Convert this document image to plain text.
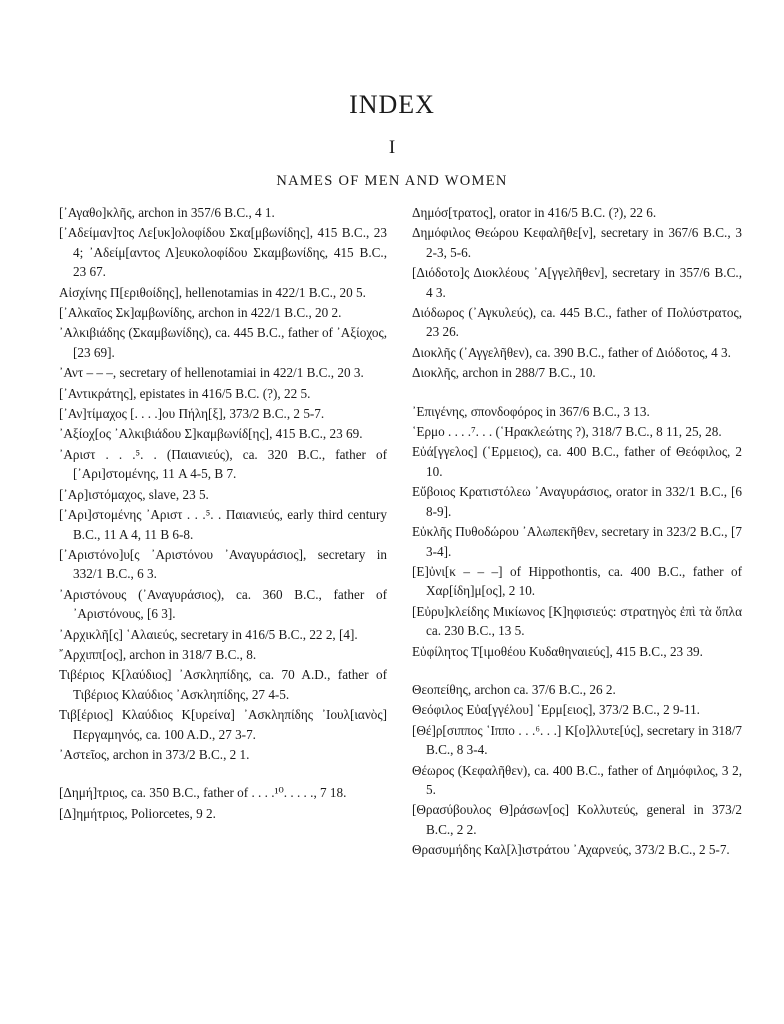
INDEX
I
NAMES OF MEN AND WOMEN
[᾿Αγαθο]κλῆς, archon in 357/6 B.C., 4 1.
[᾿Αδείμαν]τος Λε[υκ]ολοφίδου Σκα[μβωνίδης], 415 B.C., 23 4; ᾿Αδείμ[αντος Λ]ευκολοφίδου Σκαμβωνίδης, 415 B.C., 23 67.
Αἰσχίνης Π[εριθοίδης], hellenotamias in 422/1 B.C., 20 5.
[᾿Αλκαῖος Σκ]αμβωνίδης, archon in 422/1 B.C., 20 2.
᾿Αλκιβιάδης (Σκαμβωνίδης), ca. 445 B.C., father of ᾿Αξίοχος, [23 69].
᾿Αντ – – –, secretary of hellenotamiai in 422/1 B.C., 20 3.
[᾿Αντικράτης], epistates in 416/5 B.C. (?), 22 5.
[᾿Αν]τίμαχος [. . . .]ου Πήλη[ξ], 373/2 B.C., 2 5-7.
᾿Αξίοχ[ος ᾿Αλκιβιάδου Σ]καμβωνίδ[ης], 415 B.C., 23 69.
᾿Αριστ . . .⁵. . (Παιανιεύς), ca. 320 B.C., father of [᾿Αρι]στομένης, 11 A 4-5, B 7.
[᾿Αρ]ιστόμαχος, slave, 23 5.
[᾿Αρι]στομένης ᾿Αριστ . . .⁵. . Παιανιεύς, early third century B.C., 11 A 4, 11 B 6-8.
[᾿Αριστόνο]υ[ς ᾿Αριστόνου ᾿Αναγυράσιος], secretary in 332/1 B.C., 6 3.
᾿Αριστόνους (᾿Αναγυράσιος), ca. 360 B.C., father of ᾿Αριστόνους, [6 3].
᾿Αρχικλῆ[ς] ῾Αλαιεύς, secretary in 416/5 B.C., 22 2, [4].
῎Αρχιππ[ος], archon in 318/7 B.C., 8.
Τιβέριος Κ[λαύδιος] ᾿Ασκληπίδης, ca. 70 A.D., father of Τιβέριος Κλαύδιος ᾿Ασκληπίδης, 27 4-5.
Τιβ[έριος] Κλαύδιος Κ[υρείνα] ᾿Ασκληπίδης ᾿Ιουλ[ιανὸς] Περγαμηνός, ca. 100 A.D., 27 3-7.
᾿Αστεῖος, archon in 373/2 B.C., 2 1.
[Δημή]τριος, ca. 350 B.C., father of . . . .¹⁰. . . . ., 7 18.
[Δ]ημήτριος, Poliorcetes, 9 2.
Δημόσ[τρατος], orator in 416/5 B.C. (?), 22 6.
Δημόφιλος Θεώρου Κεφαλῆθε[ν], secretary in 367/6 B.C., 3 2-3, 5-6.
[Διόδοτο]ς Διοκλέους ᾿Α[γγελῆθεν], secretary in 357/6 B.C., 4 3.
Διόδωρος (᾿Αγκυλεύς), ca. 445 B.C., father of Πολύστρατος, 23 26.
Διοκλῆς (᾿Αγγελῆθεν), ca. 390 B.C., father of Διόδοτος, 4 3.
Διοκλῆς, archon in 288/7 B.C., 10.
᾿Επιγένης, σπονδοφόρος in 367/6 B.C., 3 13.
῾Ερμο . . . .⁷. . . (῾Ηρακλεώτης ?), 318/7 B.C., 8 11, 25, 28.
Εὐά[γγελος] (῾Ερμειος), ca. 400 B.C., father of Θεόφιλος, 2 10.
Εὔβοιος Κρατιστόλεω ᾿Αναγυράσιος, orator in 332/1 B.C., [6 8-9].
Εὐκλῆς Πυθοδώρου ᾿Αλωπεκῆθεν, secretary in 323/2 B.C., [7 3-4].
[Ε]ὐνι[κ – – –] of Hippothontis, ca. 400 B.C., father of Χαρ[ίδη]μ[ος], 2 10.
[Εὐρυ]κλείδης Μικίωνος [Κ]ηφισιεύς: στρατηγὸς ἐπὶ τὰ ὅπλα ca. 230 B.C., 13 5.
Εὐφίλητος Τ[ιμοθέου Κυδαθηναιεύς], 415 B.C., 23 39.
Θεοπείθης, archon ca. 37/6 B.C., 26 2.
Θεόφιλος Εὐα[γγέλου] ῾Ερμ[ειος], 373/2 B.C., 2 9-11.
[Θέ]ρ[σιππος ῾Ιππο . . .⁶. . .] Κ[ο]λλυτε[ύς], secretary in 318/7 B.C., 8 3-4.
Θέωρος (Κεφαλῆθεν), ca. 400 B.C., father of Δημόφιλος, 3 2, 5.
[Θρασύβουλος Θ]ράσων[ος] Κολλυτεύς, general in 373/2 B.C., 2 2.
Θρασυμήδης Καλ[λ]ιστράτου ᾿Αχαρνεύς, 373/2 B.C., 2 5-7.
